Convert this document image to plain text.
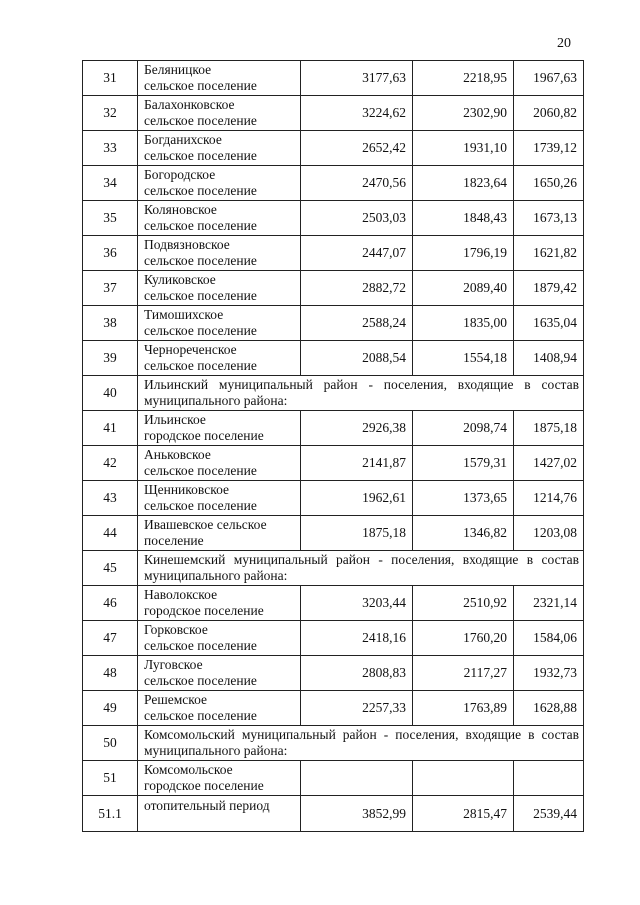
20
31	Беляницкое
сельское поселение	3177,63	2218,95	1967,63
32	Балахонковское
сельское поселение	3224,62	2302,90	2060,82
33	Богданихское
сельское поселение	2652,42	1931,10	1739,12
34	Богородское
сельское поселение	2470,56	1823,64	1650,26
35	Коляновское
сельское поселение	2503,03	1848,43	1673,13
36	Подвязновское
сельское поселение	2447,07	1796,19	1621,82
37	Куликовское
сельское поселение	2882,72	2089,40	1879,42
38	Тимошихское
сельское поселение	2588,24	1835,00	1635,04
39	Чернореченское
сельское поселение	2088,54	1554,18	1408,94
40	Ильинский муниципальный район - поселения, входящие в состав муниципального района:			
41	Ильинское
городское поселение	2926,38	2098,74	1875,18
42	Аньковское
сельское поселение	2141,87	1579,31	1427,02
43	Щенниковское
сельское поселение	1962,61	1373,65	1214,76
44	Ивашевское сельское
поселение	1875,18	1346,82	1203,08
45	Кинешемский муниципальный район - поселения, входящие в состав муниципального района:			
46	Наволокское
городское поселение	3203,44	2510,92	2321,14
47	Горковское
сельское поселение	2418,16	1760,20	1584,06
48	Луговское
сельское поселение	2808,83	2117,27	1932,73
49	Решемское
сельское поселение	2257,33	1763,89	1628,88
50	Комсомольский муниципальный район - поселения, входящие в состав муниципального района:			
51	Комсомольское
городское поселение			
51.1	отопительный период	3852,99	2815,47	2539,44
